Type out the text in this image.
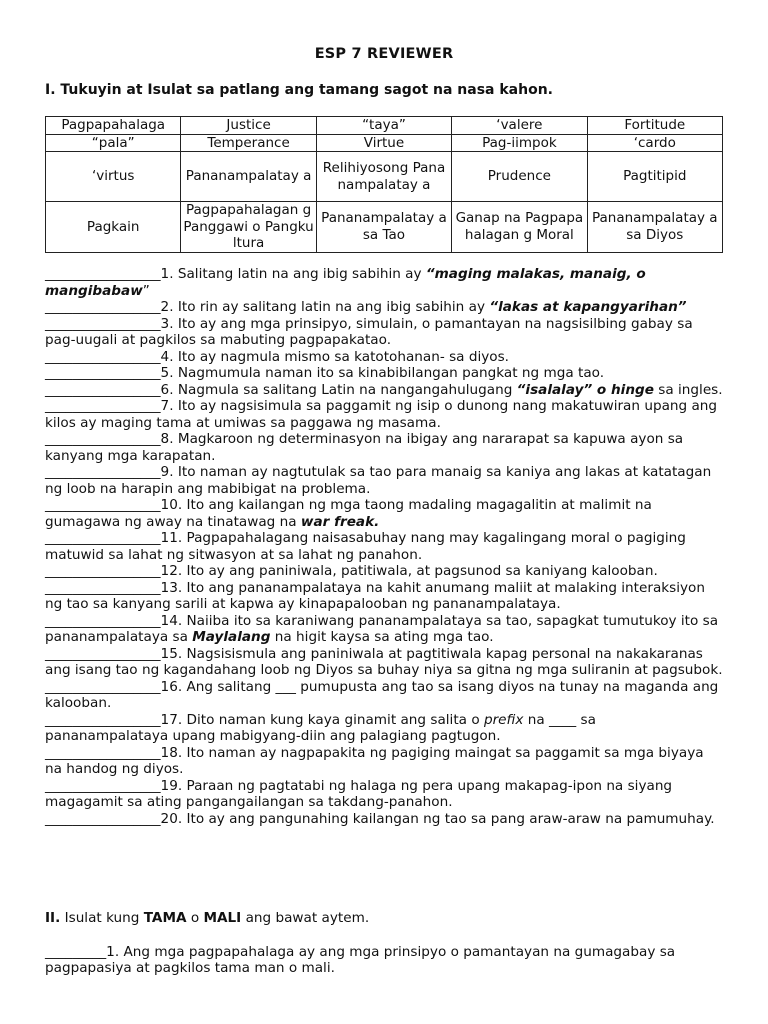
ESP 7 REVIEWER
I. Tukuyin at Isulat sa patlang ang tamang sagot na nasa kahon.
Pagpapahalaga	Justice	“taya”	‘valere	Fortitude
“pala”	Temperance	Virtue	Pag-iimpok	‘cardo
‘virtus	Pananampalatay a	Relihiyosong Pananampalatay a	Prudence	Pagtitipid
Pagkain	Pagpapahalagan g Panggawi o Pangkultura	Pananampalatay a sa Tao	Ganap na Pagpapahalagan g Moral	Pananampalatay a sa Diyos

_________________1. Salitang latin na ang ibig sabihin ay “maging malakas, manaig, o mangibabaw”

_________________2. Ito rin ay salitang latin na ang ibig sabihin ay “lakas at kapangyarihan”

_________________3. Ito ay ang mga prinsipyo, simulain, o pamantayan na nagsisilbing gabay sa pag-uugali at pagkilos sa mabuting pagpapakatao.

_________________4. Ito ay nagmula mismo sa katotohanan- sa diyos.

_________________5. Nagmumula naman ito sa kinabibilangan pangkat ng mga tao.

_________________6. Nagmula sa salitang Latin na nangangahulugang “isalalay” o hinge sa ingles.

_________________7. Ito ay nagsisimula sa paggamit ng isip o dunong nang makatuwiran upang ang kilos ay maging tama at umiwas sa paggawa ng masama.

_________________8. Magkaroon ng determinasyon na ibigay ang nararapat sa kapuwa ayon sa kanyang mga karapatan.

_________________9. Ito naman ay nagtutulak sa tao para manaig sa kaniya ang lakas at katatagan ng loob na harapin ang mabibigat na problema.

_________________10. Ito ang kailangan ng mga taong madaling magagalitin at malimit na gumagawa ng away na tinatawag na war freak.

_________________11. Pagpapahalagang naisasabuhay nang may kagalingang moral o pagiging matuwid sa lahat ng sitwasyon at sa lahat ng panahon.

_________________12. Ito ay ang paniniwala, patitiwala, at pagsunod sa kaniyang kalooban.

_________________13. Ito ang pananampalataya na kahit anumang maliit at malaking interaksiyon ng tao sa kanyang sarili at kapwa ay kinapapalooban ng pananampalataya.

_________________14. Naiiba ito sa karaniwang pananampalataya sa tao, sapagkat tumutukoy ito sa pananampalataya sa Maylalang na higit kaysa sa ating mga tao.

_________________15. Nagsisismula ang paniniwala at pagtitiwala kapag personal na nakakaranas ang isang tao ng kagandahang loob ng Diyos sa buhay niya sa gitna ng mga suliranin at pagsubok.

_________________16. Ang salitang ___ pumupusta ang tao sa isang diyos na tunay na maganda ang kalooban.

_________________17. Dito naman kung kaya ginamit ang salita o prefix na ____ sa pananampalataya upang mabigyang-diin ang palagiang pagtugon.

_________________18. Ito naman ay nagpapakita ng pagiging maingat sa paggamit sa mga biyaya na handog ng diyos.

_________________19. Paraan ng pagtatabi ng halaga ng pera upang makapag-ipon na siyang magagamit sa ating pangangailangan sa takdang-panahon.

_________________20. Ito ay ang pangunahing kailangan ng tao sa pang araw-araw na pamumuhay.

II. Isulat kung TAMA o MALI ang bawat aytem.

_________1. Ang mga pagpapahalaga ay ang mga prinsipyo o pamantayan na gumagabay sa pagpapasiya at pagkilos tama man o mali.
